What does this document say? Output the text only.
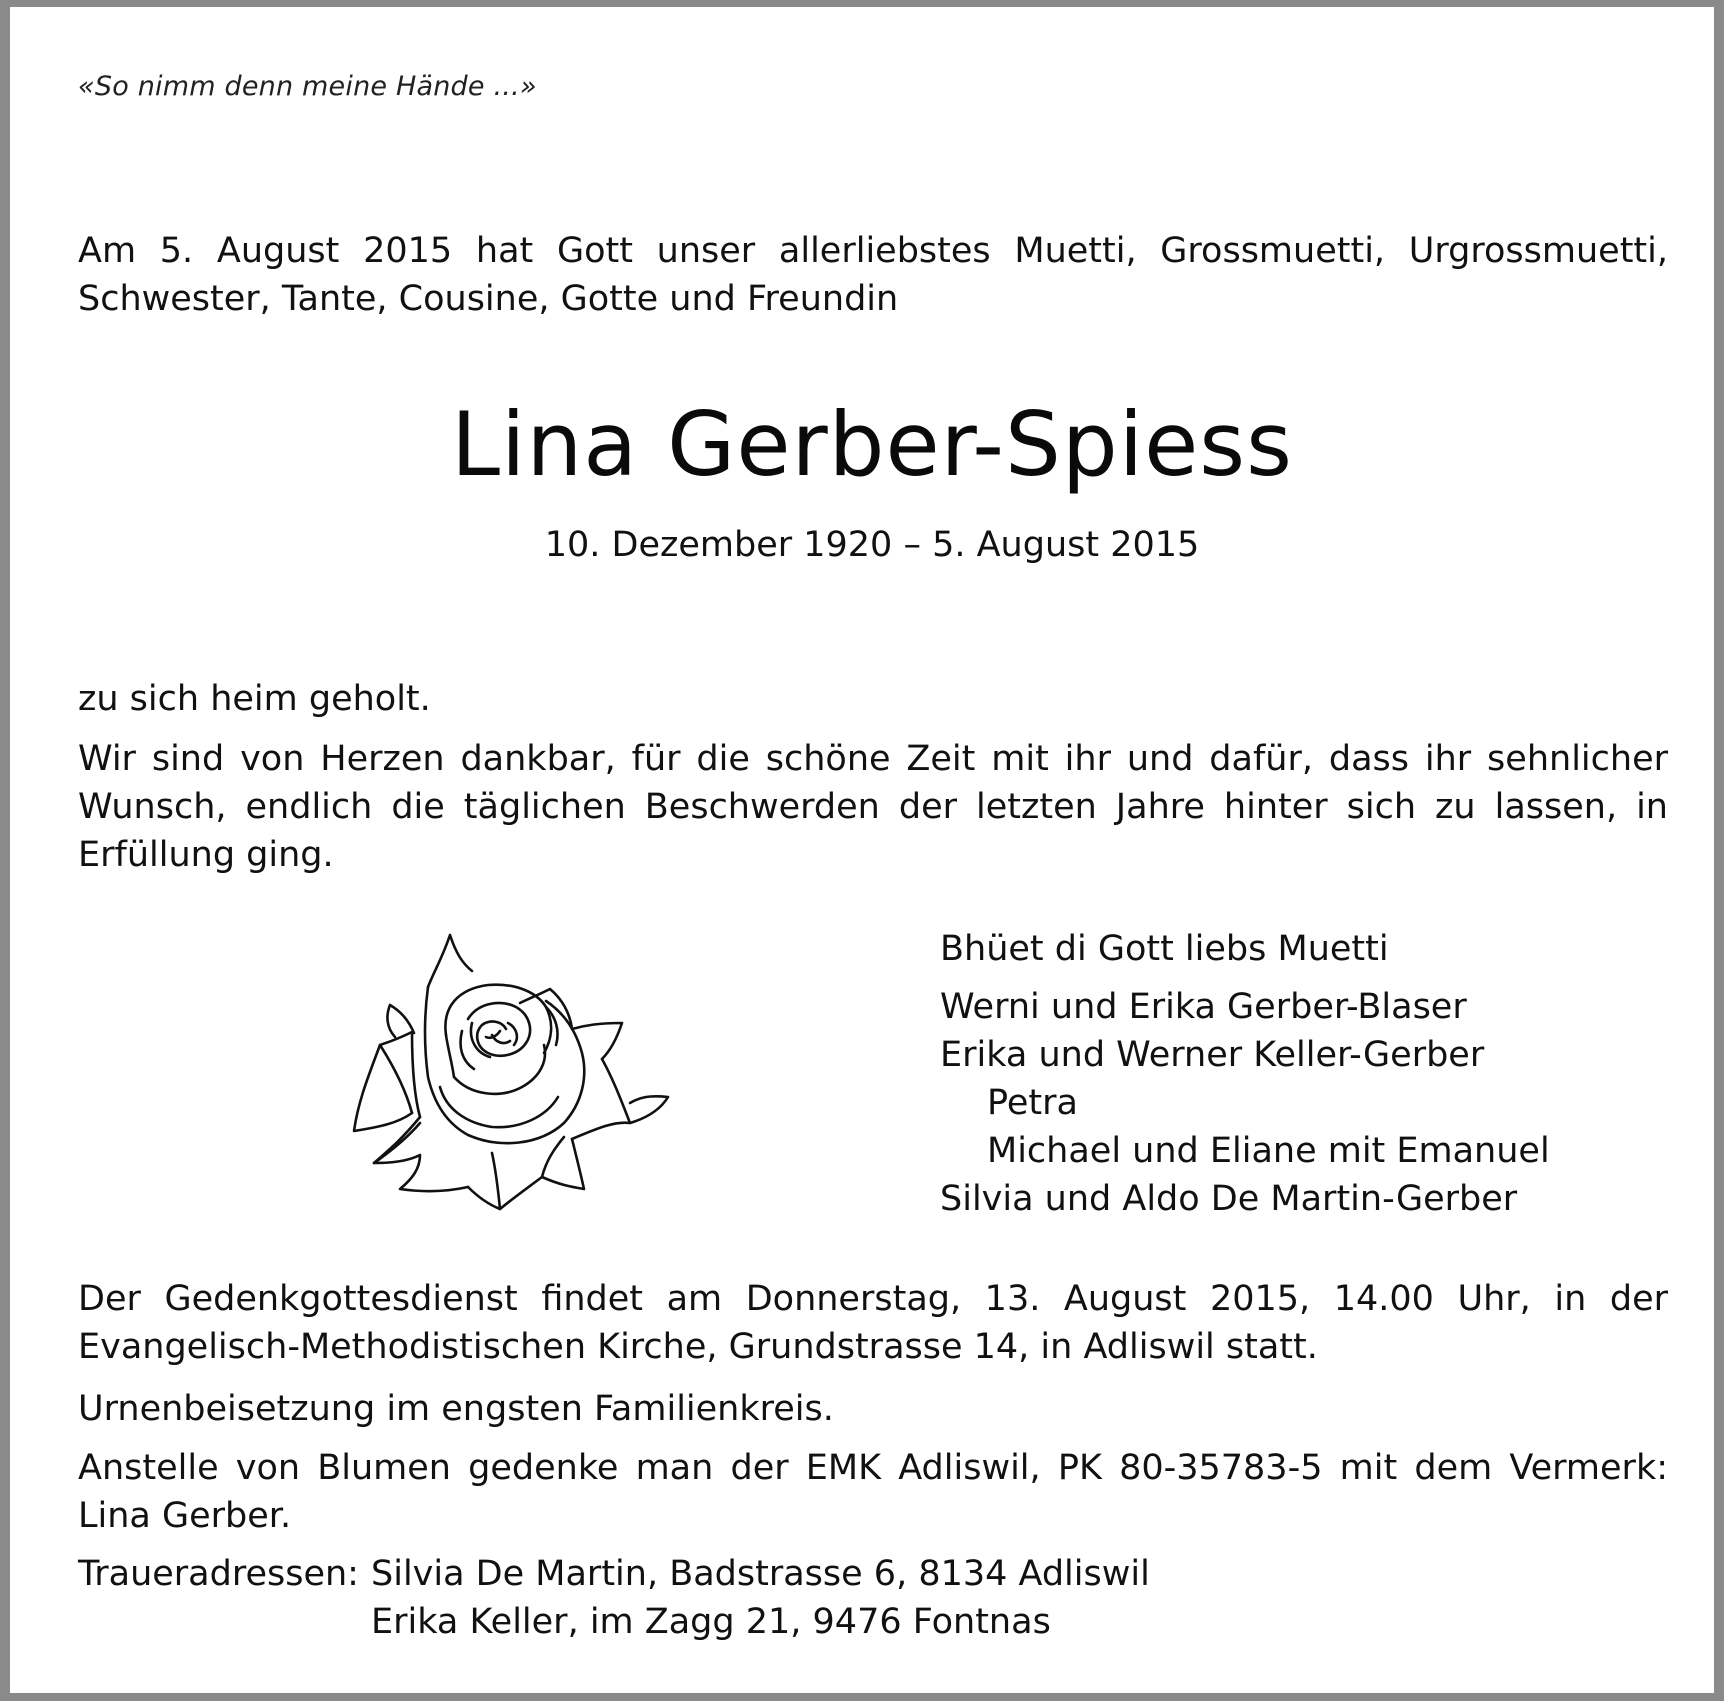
«So nimm denn meine Hände ...»

Am 5. August 2015 hat Gott unser allerliebstes Muetti, Grossmuetti, Urgrossmuetti, Schwester, Tante, Cousine, Gotte und Freundin

Lina Gerber-Spiess

10. Dezember 1920 – 5. August 2015

zu sich heim geholt.

Wir sind von Herzen dankbar, für die schöne Zeit mit ihr und dafür, dass ihr sehnlicher Wunsch, endlich die täglichen Beschwerden der letzten Jahre hinter sich zu lassen, in Erfüllung ging.

Bhüet di Gott liebs Muetti
Werni und Erika Gerber-Blaser
Erika und Werner Keller-Gerber
Petra
Michael und Eliane mit Emanuel
Silvia und Aldo De Martin-Gerber

Der Gedenkgottesdienst findet am Donnerstag, 13. August 2015, 14.00 Uhr, in der Evangelisch-Methodistischen Kirche, Grundstrasse 14, in Adliswil statt.

Urnenbeisetzung im engsten Familienkreis.

Anstelle von Blumen gedenke man der EMK Adliswil, PK 80-35783-5 mit dem Vermerk: Lina Gerber.

Traueradressen: Silvia De Martin, Badstrasse 6, 8134 Adliswil
Erika Keller, im Zagg 21, 9476 Fontnas
